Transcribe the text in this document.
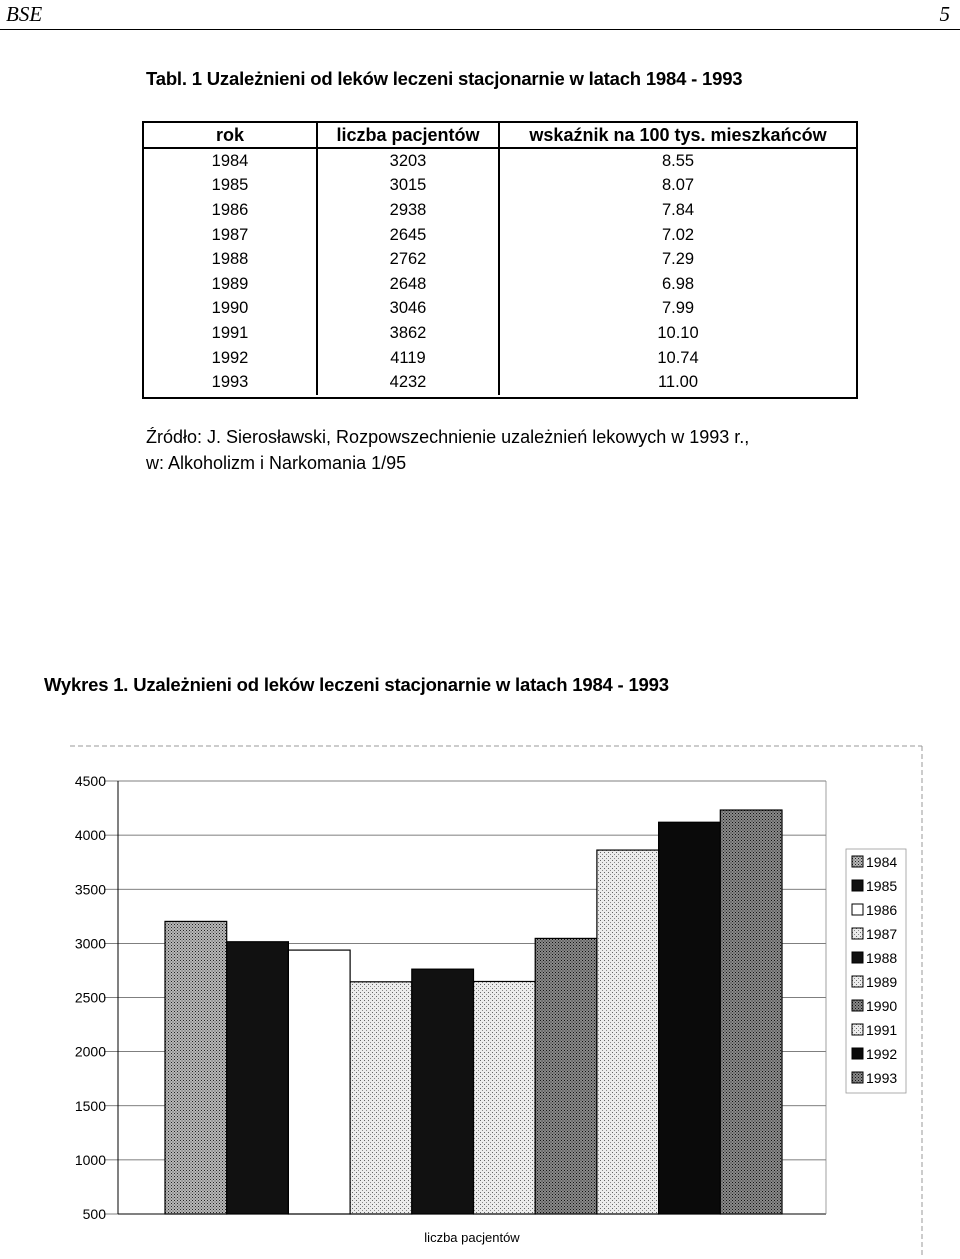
BSE	5
Tabl. 1 Uzależnieni od leków leczeni stacjonarnie w latach 1984 - 1993
rok	liczba pacjentów	wskaźnik na 100 tys. mieszkańców
1984	3203	8.55
1985	3015	8.07
1986	2938	7.84
1987	2645	7.02
1988	2762	7.29
1989	2648	6.98
1990	3046	7.99
1991	3862	10.10
1992	4119	10.74
1993	4232	11.00
Źródło: J. Sierosławski, Rozpowszechnienie uzależnień lekowych w 1993 r.,
w: Alkoholizm i Narkomania 1/95
Wykres 1. Uzależnieni od leków leczeni stacjonarnie w latach 1984 - 1993
4500
4000
3500
3000
2500
2000
1500
1000
500
1984
1985
1986
1987
1988
1989
1990
1991
1992
1993
liczba pacjentów
